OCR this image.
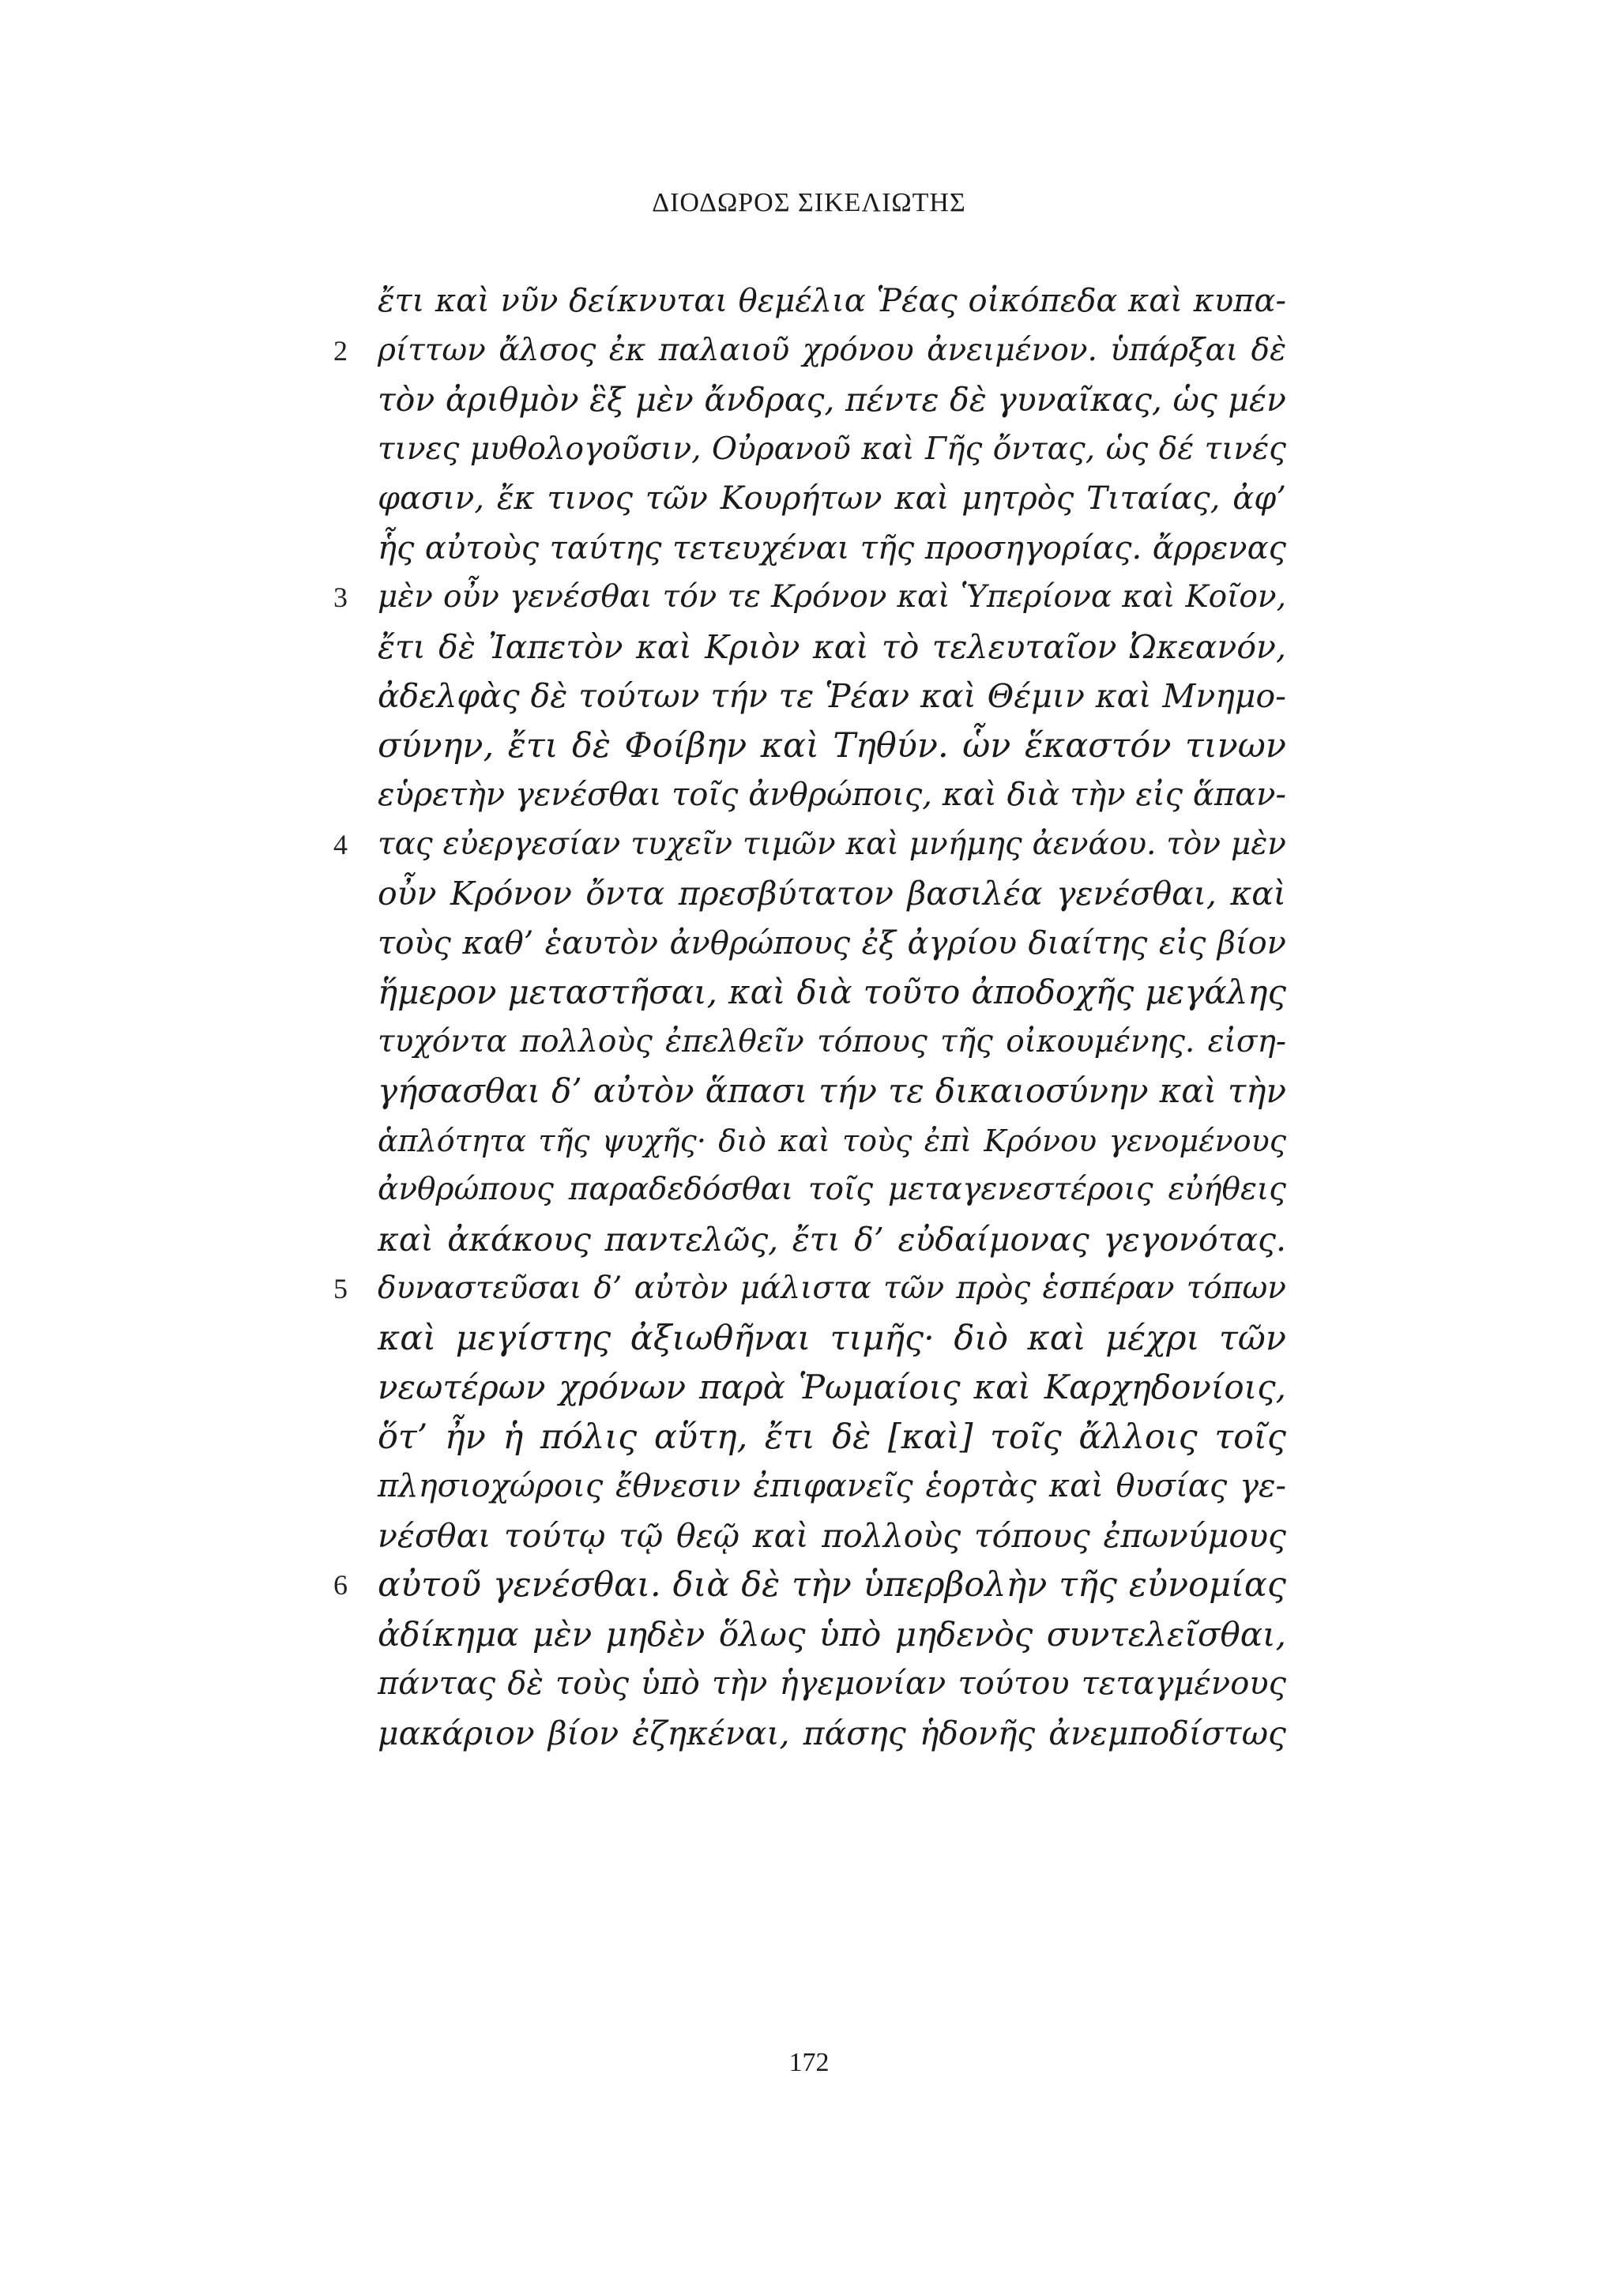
ΔΙΟΔΩΡΟΣ ΣΙΚΕΛΙΩΤΗΣ
ἔτι καὶ νῦν δείκνυται θεμέλια Ῥέας οἰκόπεδα καὶ κυπα-
2 ρίττων ἄλσος ἐκ παλαιοῦ χρόνου ἀνειμένον. ὑπάρξαι δὲ
τὸν ἀριθμὸν ἓξ μὲν ἄνδρας, πέντε δὲ γυναῖκας, ὡς μέν
τινες μυθολογοῦσιν, Οὐρανοῦ καὶ Γῆς ὄντας, ὡς δέ τινές
φασιν, ἔκ τινος τῶν Κουρήτων καὶ μητρὸς Τιταίας, ἀφ’
ἧς αὐτοὺς ταύτης τετευχέναι τῆς προσηγορίας. ἄρρενας
3 μὲν οὖν γενέσθαι τόν τε Κρόνον καὶ Ὑπερίονα καὶ Κοῖον,
ἔτι δὲ Ἰαπετὸν καὶ Κριὸν καὶ τὸ τελευταῖον Ὠκεανόν,
ἀδελφὰς δὲ τούτων τήν τε Ῥέαν καὶ Θέμιν καὶ Μνημο-
σύνην, ἔτι δὲ Φοίβην καὶ Τηθύν. ὧν ἕκαστόν τινων
εὑρετὴν γενέσθαι τοῖς ἀνθρώποις, καὶ διὰ τὴν εἰς ἅπαν-
4 τας εὐεργεσίαν τυχεῖν τιμῶν καὶ μνήμης ἀενάου. τὸν μὲν
οὖν Κρόνον ὄντα πρεσβύτατον βασιλέα γενέσθαι, καὶ
τοὺς καθ’ ἑαυτὸν ἀνθρώπους ἐξ ἀγρίου διαίτης εἰς βίον
ἥμερον μεταστῆσαι, καὶ διὰ τοῦτο ἀποδοχῆς μεγάλης
τυχόντα πολλοὺς ἐπελθεῖν τόπους τῆς οἰκουμένης. εἰση-
γήσασθαι δ’ αὐτὸν ἅπασι τήν τε δικαιοσύνην καὶ τὴν
ἁπλότητα τῆς ψυχῆς· διὸ καὶ τοὺς ἐπὶ Κρόνου γενομένους
ἀνθρώπους παραδεδόσθαι τοῖς μεταγενεστέροις εὐήθεις
καὶ ἀκάκους παντελῶς, ἔτι δ’ εὐδαίμονας γεγονότας.
5 δυναστεῦσαι δ’ αὐτὸν μάλιστα τῶν πρὸς ἑσπέραν τόπων
καὶ μεγίστης ἀξιωθῆναι τιμῆς· διὸ καὶ μέχρι τῶν
νεωτέρων χρόνων παρὰ Ῥωμαίοις καὶ Καρχηδονίοις,
ὅτ’ ἦν ἡ πόλις αὕτη, ἔτι δὲ [καὶ] τοῖς ἄλλοις τοῖς
πλησιοχώροις ἔθνεσιν ἐπιφανεῖς ἑορτὰς καὶ θυσίας γε-
νέσθαι τούτῳ τῷ θεῷ καὶ πολλοὺς τόπους ἐπωνύμους
6 αὐτοῦ γενέσθαι. διὰ δὲ τὴν ὑπερβολὴν τῆς εὐνομίας
ἀδίκημα μὲν μηδὲν ὅλως ὑπὸ μηδενὸς συντελεῖσθαι,
πάντας δὲ τοὺς ὑπὸ τὴν ἡγεμονίαν τούτου τεταγμένους
μακάριον βίον ἐζηκέναι, πάσης ἡδονῆς ἀνεμποδίστως
172
